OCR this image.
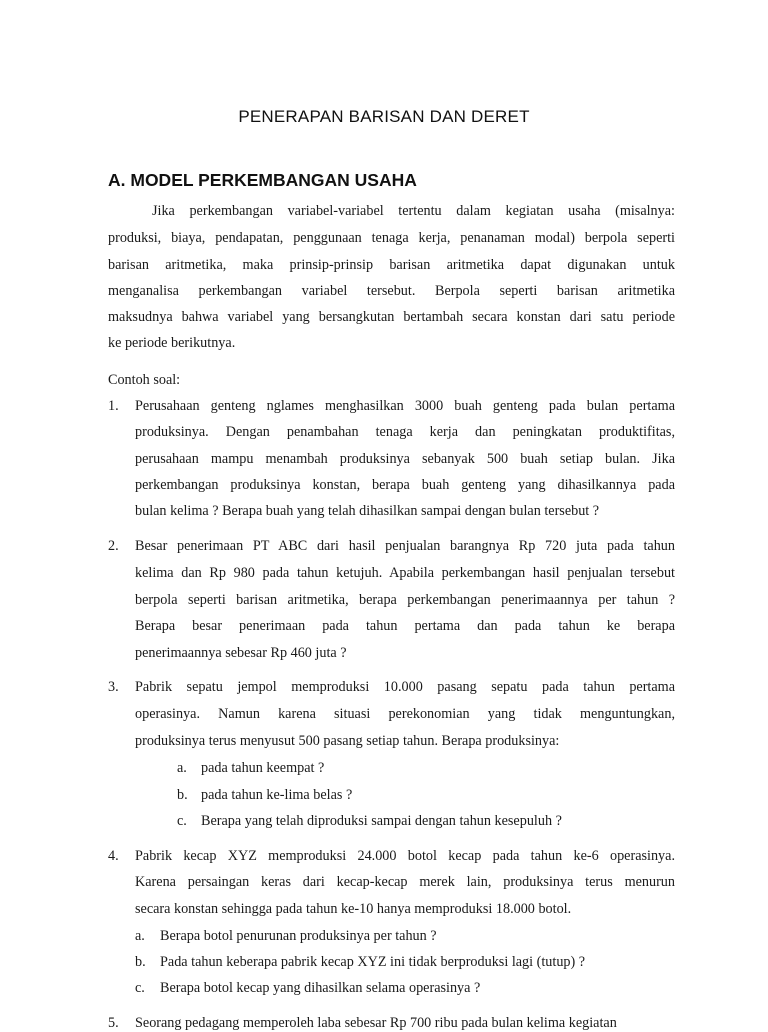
PENERAPAN BARISAN DAN DERET
A. MODEL PERKEMBANGAN USAHA
Jika perkembangan variabel-variabel tertentu dalam kegiatan usaha (misalnya:
produksi, biaya, pendapatan, penggunaan tenaga kerja, penanaman modal) berpola seperti
barisan aritmetika, maka prinsip-prinsip barisan aritmetika dapat digunakan untuk
menganalisa perkembangan variabel tersebut. Berpola seperti barisan aritmetika
maksudnya bahwa variabel yang bersangkutan bertambah secara konstan dari satu periode
ke periode berikutnya.
Contoh soal:
1. Perusahaan genteng nglames menghasilkan 3000 buah genteng pada bulan pertama
produksinya. Dengan penambahan tenaga kerja dan peningkatan produktifitas,
perusahaan mampu menambah produksinya sebanyak 500 buah setiap bulan. Jika
perkembangan produksinya konstan, berapa buah genteng yang dihasilkannya pada
bulan kelima ? Berapa buah yang telah dihasilkan sampai dengan bulan tersebut ?
2. Besar penerimaan PT ABC dari hasil penjualan barangnya Rp 720 juta pada tahun
kelima dan Rp 980 pada tahun ketujuh. Apabila perkembangan hasil penjualan tersebut
berpola seperti barisan aritmetika, berapa perkembangan penerimaannya per tahun ?
Berapa besar penerimaan pada tahun pertama dan pada tahun ke berapa
penerimaannya sebesar Rp 460 juta ?
3. Pabrik sepatu jempol memproduksi 10.000 pasang sepatu pada tahun pertama
operasinya. Namun karena situasi perekonomian yang tidak menguntungkan,
produksinya terus menyusut 500 pasang setiap tahun. Berapa produksinya:
a. pada tahun keempat ?
b. pada tahun ke-lima belas ?
c. Berapa yang telah diproduksi sampai dengan tahun kesepuluh ?
4. Pabrik kecap XYZ memproduksi 24.000 botol kecap pada tahun ke-6 operasinya.
Karena persaingan keras dari kecap-kecap merek lain, produksinya terus menurun
secara konstan sehingga pada tahun ke-10 hanya memproduksi 18.000 botol.
a. Berapa botol penurunan produksinya per tahun ?
b. Pada tahun keberapa pabrik kecap XYZ ini tidak berproduksi lagi (tutup) ?
c. Berapa botol kecap yang dihasilkan selama operasinya ?
5. Seorang pedagang memperoleh laba sebesar Rp 700 ribu pada bulan kelima kegiatan
